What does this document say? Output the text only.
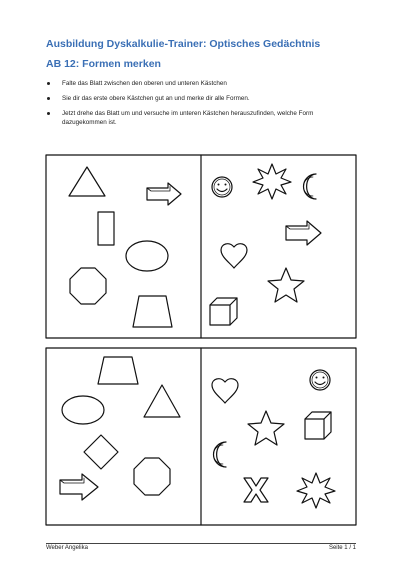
Ausbildung Dyskalkulie-Trainer: Optisches Gedächtnis
AB 12: Formen merken
Falte das Blatt zwischen den oberen und unteren Kästchen
Sie dir das erste obere Kästchen gut an und merke dir alle Formen.
Jetzt drehe das Blatt um und versuche im unteren Kästchen herauszufinden, welche Form dazugekommen ist.
Weber Angelika	Seite 1 / 1
